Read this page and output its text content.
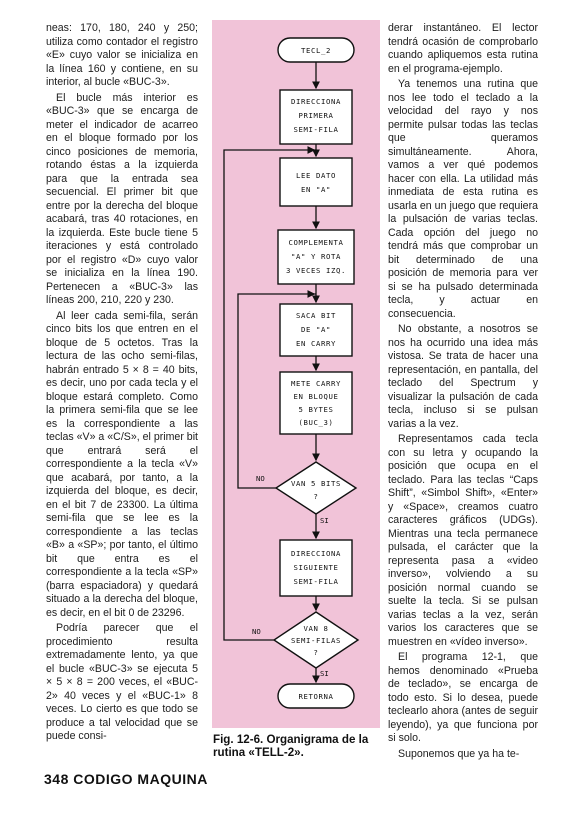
neas: 170, 180, 240 y 250; utiliza como contador el registro «E» cuyo valor se inicializa en la línea 160 y contiene, en su interior, al bucle «BUC-3».

El bucle más interior es «BUC-3» que se encarga de meter el indicador de acarreo en el bloque formado por los cinco posiciones de memoria, rotando éstas a la izquierda para que la entrada sea secuencial. El primer bit que entre por la derecha del bloque acabará, tras 40 rotaciones, en la izquierda. Este bucle tiene 5 iteraciones y está controlado por el registro «D» cuyo valor se inicializa en la línea 190. Pertenecen a «BUC-3» las líneas 200, 210, 220 y 230.

Al leer cada semi-fila, serán cinco bits los que entren en el bloque de 5 octetos. Tras la lectura de las ocho semi-filas, habrán entrado 5 × 8 = 40 bits, es decir, uno por cada tecla y el bloque estará completo. Como la primera semi-fila que se lee es la correspondiente a las teclas «V» a «C/S», el primer bit que entrará será el correspondiente a la tecla «V» que acabará, por tanto, a la izquierda del bloque, es decir, en el bit 7 de 23300. La última semi-fila que se lee es la correspondiente a las teclas «B» a «SP»; por tanto, el último bit que entra es el correspondiente a la tecla «SP» (barra espaciadora) y quedará situado a la derecha del bloque, es decir, en el bit 0 de 23296.

Podría parecer que el procedimiento resulta extremadamente lento, ya que el bucle «BUC-3» se ejecuta 5 × 5 × 8 = 200 veces, el «BUC-2» 40 veces y el «BUC-1» 8 veces. Lo cierto es que todo se produce a tal velocidad que se puede consi-

TECL_2
DIRECCIONA
PRIMERA
SEMI-FILA
LEE DATO
EN "A"
COMPLEMENTA
"A" Y ROTA
3 VECES IZQ.
SACA BIT
DE "A"
EN CARRY
METE CARRY
EN BLOQUE
5 BYTES
(BUC_3)
VAN 5 BITS
?
NO
SI
DIRECCIONA
SIGUIENTE
SEMI-FILA
VAN 8
SEMI-FILAS
?
NO
SI
RETORNA
Fig. 12-6. Organigrama de la rutina «TELL-2».

derar instantáneo. El lector tendrá ocasión de comprobarlo cuando apliquemos esta rutina en el programa-ejemplo.

Ya tenemos una rutina que nos lee todo el teclado a la velocidad del rayo y nos permite pulsar todas las teclas que queramos simultáneamente. Ahora, vamos a ver qué podemos hacer con ella. La utilidad más inmediata de esta rutina es usarla en un juego que requiera la pulsación de varias teclas. Cada opción del juego no tendrá más que comprobar un bit determinado de una posición de memoria para ver si se ha pulsado determinada tecla, y actuar en consecuencia.

No obstante, a nosotros se nos ha ocurrido una idea más vistosa. Se trata de hacer una representación, en pantalla, del teclado del Spectrum y visualizar la pulsación de cada tecla, incluso si se pulsan varias a la vez.

Representamos cada tecla con su letra y ocupando la posición que ocupa en el teclado. Para las teclas “Caps Shift”, «Simbol Shift», «Enter» y «Space», creamos cuatro caracteres gráficos (UDGs). Mientras una tecla permanece pulsada, el carácter que la representa pasa a «video inverso», volviendo a su posición normal cuando se suelte la tecla. Si se pulsan varias teclas a la vez, serán varios los caracteres que se muestren en «vídeo inverso».

El programa 12-1, que hemos denominado «Prueba de teclado», se encarga de todo esto. Si lo desea, puede teclearlo ahora (antes de seguir leyendo), ya que funciona por si solo.

Suponemos que ya ha te-

348 CODIGO MAQUINA
